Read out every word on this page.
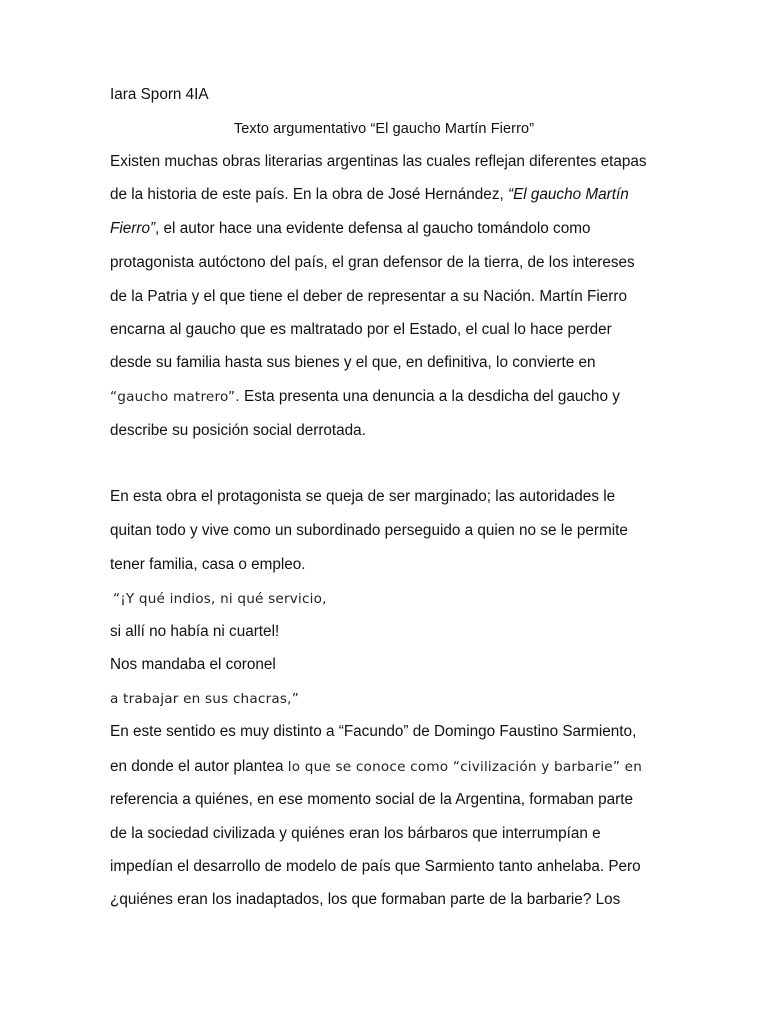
Iara Sporn 4IA

Texto argumentativo “El gaucho Martín Fierro”

Existen muchas obras literarias argentinas las cuales reflejan diferentes etapas

de la historia de este país. En la obra de José Hernández, “El gaucho Martín

Fierro”, el autor hace una evidente defensa al gaucho tomándolo como

protagonista autóctono del país, el gran defensor de la tierra, de los intereses

de la Patria y el que tiene el deber de representar a su Nación. Martín Fierro

encarna al gaucho que es maltratado por el Estado, el cual lo hace perder

desde su familia hasta sus bienes y el que, en definitiva, lo convierte en

“gaucho matrero”. Esta presenta una denuncia a la desdicha del gaucho y

describe su posición social derrotada.

En esta obra el protagonista se queja de ser marginado; las autoridades le

quitan todo y vive como un subordinado perseguido a quien no se le permite

tener familia, casa o empleo.

“¡Y qué indios, ni qué servicio,

si allí no había ni cuartel!

Nos mandaba el coronel

a trabajar en sus chacras,”

En este sentido es muy distinto a “Facundo” de Domingo Faustino Sarmiento,

en donde el autor plantea lo que se conoce como “civilización y barbarie” en

referencia a quiénes, en ese momento social de la Argentina, formaban parte

de la sociedad civilizada y quiénes eran los bárbaros que interrumpían e

impedían el desarrollo de modelo de país que Sarmiento tanto anhelaba. Pero

¿quiénes eran los inadaptados, los que formaban parte de la barbarie? Los
